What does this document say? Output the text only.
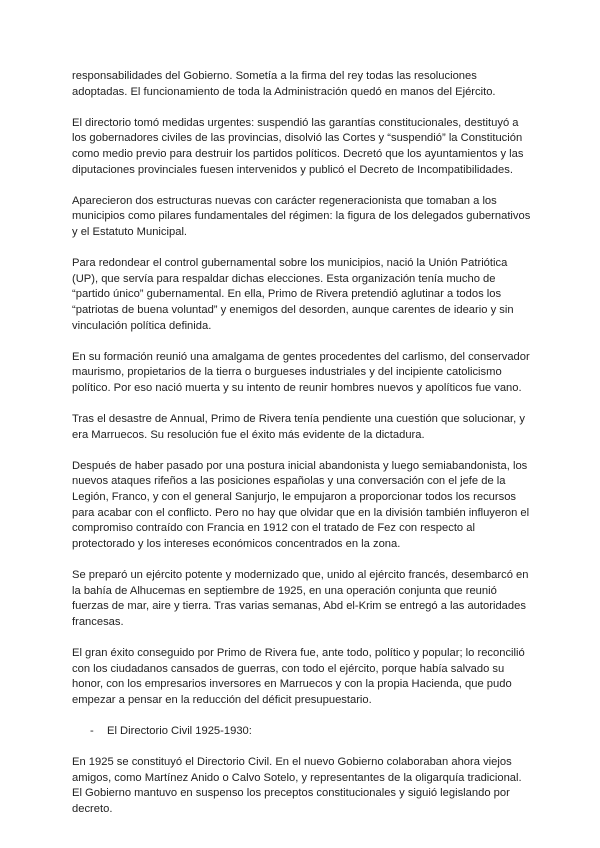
responsabilidades del Gobierno. Sometía a la firma del rey todas las resoluciones adoptadas. El funcionamiento de toda la Administración quedó en manos del Ejército.

El directorio tomó medidas urgentes: suspendió las garantías constitucionales, destituyó a los gobernadores civiles de las provincias, disolvió las Cortes y “suspendió” la Constitución como medio previo para destruir los partidos políticos. Decretó que los ayuntamientos y las diputaciones provinciales fuesen intervenidos y publicó el Decreto de Incompatibilidades.

Aparecieron dos estructuras nuevas con carácter regeneracionista que tomaban a los municipios como pilares fundamentales del régimen: la figura de los delegados gubernativos y el Estatuto Municipal.

Para redondear el control gubernamental sobre los municipios, nació la Unión Patriótica (UP), que servía para respaldar dichas elecciones. Esta organización tenía mucho de “partido único” gubernamental. En ella, Primo de Rivera pretendió aglutinar a todos los “patriotas de buena voluntad” y enemigos del desorden, aunque carentes de ideario y sin vinculación política definida.

En su formación reunió una amalgama de gentes procedentes del carlismo, del conservador maurismo, propietarios de la tierra o burgueses industriales y del incipiente catolicismo político. Por eso nació muerta y su intento de reunir hombres nuevos y apolíticos fue vano.

Tras el desastre de Annual, Primo de Rivera tenía pendiente una cuestión que solucionar, y era Marruecos. Su resolución fue el éxito más evidente de la dictadura.

Después de haber pasado por una postura inicial abandonista y luego semiabandonista, los nuevos ataques rifeños a las posiciones españolas y una conversación con el jefe de la Legión, Franco, y con el general Sanjurjo, le empujaron a proporcionar todos los recursos para acabar con el conflicto. Pero no hay que olvidar que en la división también influyeron el compromiso contraído con Francia en 1912 con el tratado de Fez con respecto al protectorado y los intereses económicos concentrados en la zona.

Se preparó un ejército potente y modernizado que, unido al ejército francés, desembarcó en la bahía de Alhucemas en septiembre de 1925, en una operación conjunta que reunió fuerzas de mar, aire y tierra. Tras varias semanas, Abd el-Krim se entregó a las autoridades francesas.

El gran éxito conseguido por Primo de Rivera fue, ante todo, político y popular; lo reconcilió con los ciudadanos cansados de guerras, con todo el ejército, porque había salvado su honor, con los empresarios inversores en Marruecos y con la propia Hacienda, que pudo empezar a pensar en la reducción del déficit presupuestario.

-	El Directorio Civil 1925-1930:

En 1925 se constituyó el Directorio Civil. En el nuevo Gobierno colaboraban ahora viejos amigos, como Martínez Anido o Calvo Sotelo, y representantes de la oligarquía tradicional. El Gobierno mantuvo en suspenso los preceptos constitucionales y siguió legislando por decreto.
